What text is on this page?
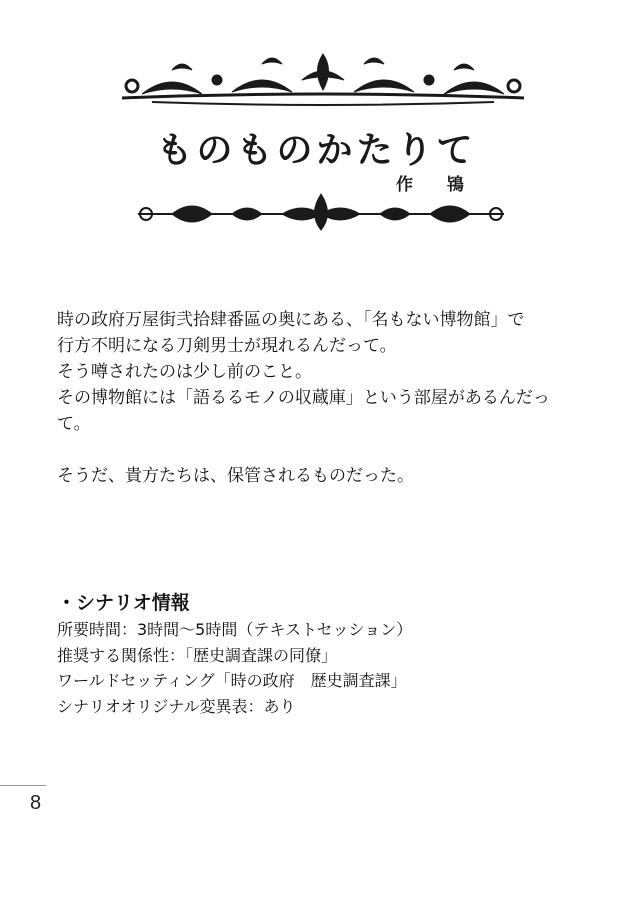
ものものかたりて
作 鴇

時の政府万屋街弐拾肆番區の奥にある、「名もない博物館」で

行方不明になる刀剣男士が現れるんだって。

そう噂されたのは少し前のこと。

その博物館には「語るるモノの収蔵庫」という部屋があるんだっ

て。

そうだ、貴方たちは、保管されるものだった。

・シナリオ情報

所要時間：3時間～5時間（テキストセッション）

推奨する関係性：「歴史調査課の同僚」

ワールドセッティング「時の政府　歴史調査課」

シナリオオリジナル変異表：あり

8
